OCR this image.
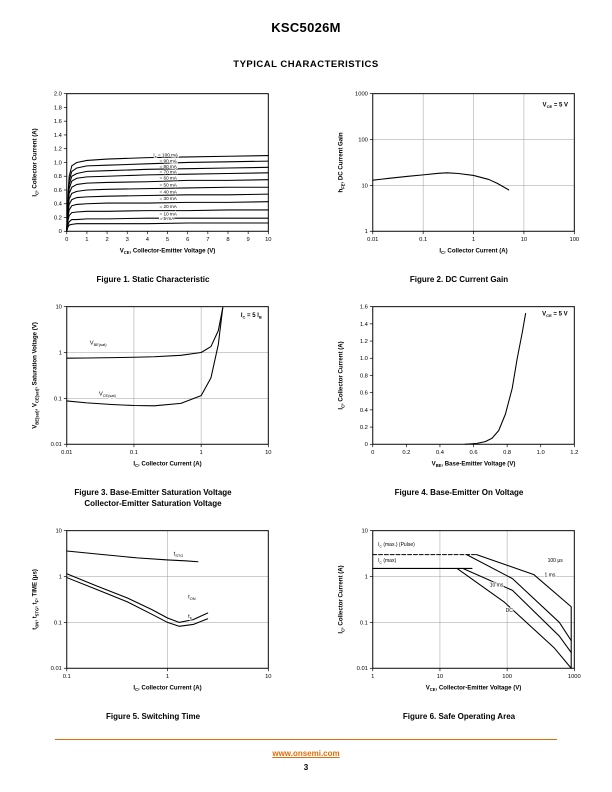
KSC5026M
TYPICAL CHARACTERISTICS
0	1	2	3	4	5	6	7	8	9	10
0
0.2
0.4
0.6
0.8
1.0
1.2
1.4
1.6
1.8
2.0
$I_B = 100$ mA
= 90 mA
= 80 mA
= 70 mA
= 60 mA
= 50 mA
= 40 mA
= 30 mA
= 20 mA
= 10 mA
= 5 mA
$V_{CE}$, Collector-Emitter Voltage (V)
$I_C$, Collector Current (A)
Figure 1. Static Characteristic
0.01	0.1	1	10	100
1
10
100
1000
$V_{CE} = 5$ V
$I_C$, Collector Current (A)
$h_{FE}$, DC Current Gain
Figure 2. DC Current Gain
0.01	0.1	1	10
0.01
0.1
1
10
$V_{BE(sat)}$
$V_{CE(sat)}$
$I_C = 5$ $I_B$
$I_C$, Collector Current (A)
$V_{BE(sat)}$, $V_{CE(sat)}$, Saturation Voltage (V)
Figure 3. Base-Emitter Saturation Voltage
Collector-Emitter Saturation Voltage
0	0.2	0.4	0.6	0.8	1.0	1.2
0
0.2
0.4
0.6
0.8
1.0
1.2
1.4
1.6
$V_{CE} = 5$ V
$V_{BE}$, Base-Emitter Voltage (V)
$I_C$, Collector Current (A)
Figure 4. Base-Emitter On Voltage
0.1	1	10
0.01
0.1
1
10
$t_{STG}$
$t_{ON}$
$t_F$
$I_C$, Collector Current (A)
$t_{ON}$, $t_{STG}$, $t_F$, TIME (μs)
Figure 5. Switching Time
1	10	100	1000
0.01
0.1
1
10
$I_C$ (max.) (Pulse)
$I_C$ (max)	100 μs
1 ms
10 ms
DC
$V_{CE}$, Collector-Emitter Voltage (V)
$I_C$, Collector Current (A)
Figure 6. Safe Operating Area
www.onsemi.com
3
